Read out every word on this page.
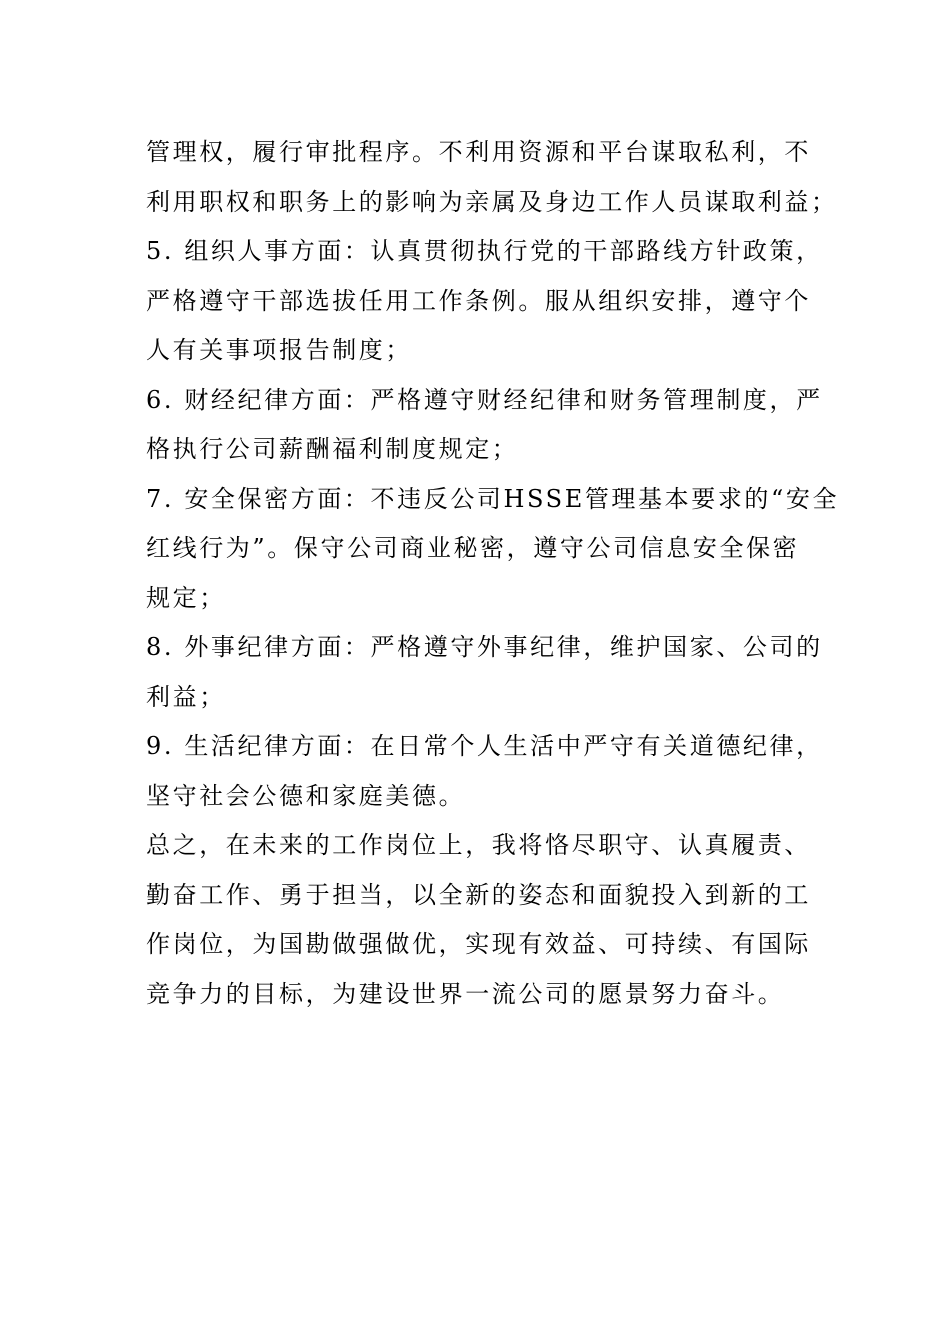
管理权，履行审批程序。不利用资源和平台谋取私利，不
利用职权和职务上的影响为亲属及身边工作人员谋取利益；
5. 组织人事方面：认真贯彻执行党的干部路线方针政策，
严格遵守干部选拔任用工作条例。服从组织安排，遵守个
人有关事项报告制度；
6. 财经纪律方面：严格遵守财经纪律和财务管理制度，严
格执行公司薪酬福利制度规定；
7. 安全保密方面：不违反公司HSSE管理基本要求的“安全
红线行为”。保守公司商业秘密，遵守公司信息安全保密
规定；
8. 外事纪律方面：严格遵守外事纪律，维护国家、公司的
利益；
9. 生活纪律方面：在日常个人生活中严守有关道德纪律，
坚守社会公德和家庭美德。
总之，在未来的工作岗位上，我将恪尽职守、认真履责、
勤奋工作、勇于担当，以全新的姿态和面貌投入到新的工
作岗位，为国勘做强做优，实现有效益、可持续、有国际
竞争力的目标，为建设世界一流公司的愿景努力奋斗。
